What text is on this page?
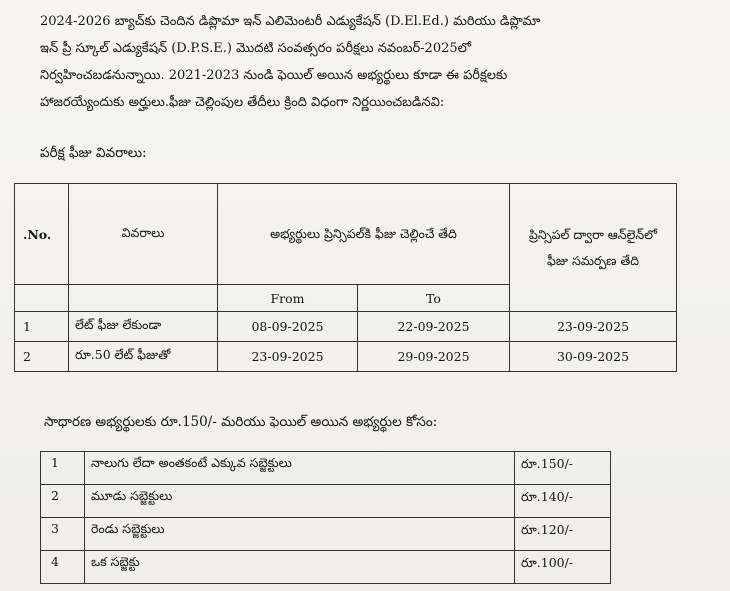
2024-2026 బ్యాచ్‌కు చెందిన డిప్లొమా ఇన్ ఎలిమెంటరీ ఎడ్యుకేషన్ (D.El.Ed.) మరియు డిప్లొమా

ఇన్ ప్రీ స్కూల్ ఎడ్యుకేషన్ (D.P.S.E.) మొదటి సంవత్సరం పరీక్షలు నవంబర్-2025లో

నిర్వహించబడనున్నాయి. 2021-2023 నుండి ఫెయిల్ అయిన అభ్యర్థులు కూడా ఈ పరీక్షలకు

హాజరయ్యేందుకు అర్హులు.ఫీజు చెల్లింపుల తేదీలు క్రింది విధంగా నిర్ణయించబడినవి:

పరీక్ష ఫీజు వివరాలు:
.No.	వివరాలు	అభ్యర్థులు ప్రిన్సిపల్‌కి ఫీజు చెల్లించే తేది		ప్రిన్సిపల్ ద్వారా ఆన్‌లైన్‌లో ఫీజు సమర్పణ తేది
		From	To	
1	లేట్ ఫీజు లేకుండా	08-09-2025	22-09-2025	23-09-2025
2	రూ.50 లేట్ ఫీజుతో	23-09-2025	29-09-2025	30-09-2025
సాధారణ అభ్యర్థులకు రూ.150/- మరియు ఫెయిల్ అయిన అభ్యర్థుల కోసం:
1	నాలుగు లేదా అంతకంటే ఎక్కువ సబ్జెక్టులు	రూ.150/-
2	మూడు సబ్జెక్టులు	రూ.140/-
3	రెండు సబ్జెక్టులు	రూ.120/-
4	ఒక సబ్జెక్టు	రూ.100/-
